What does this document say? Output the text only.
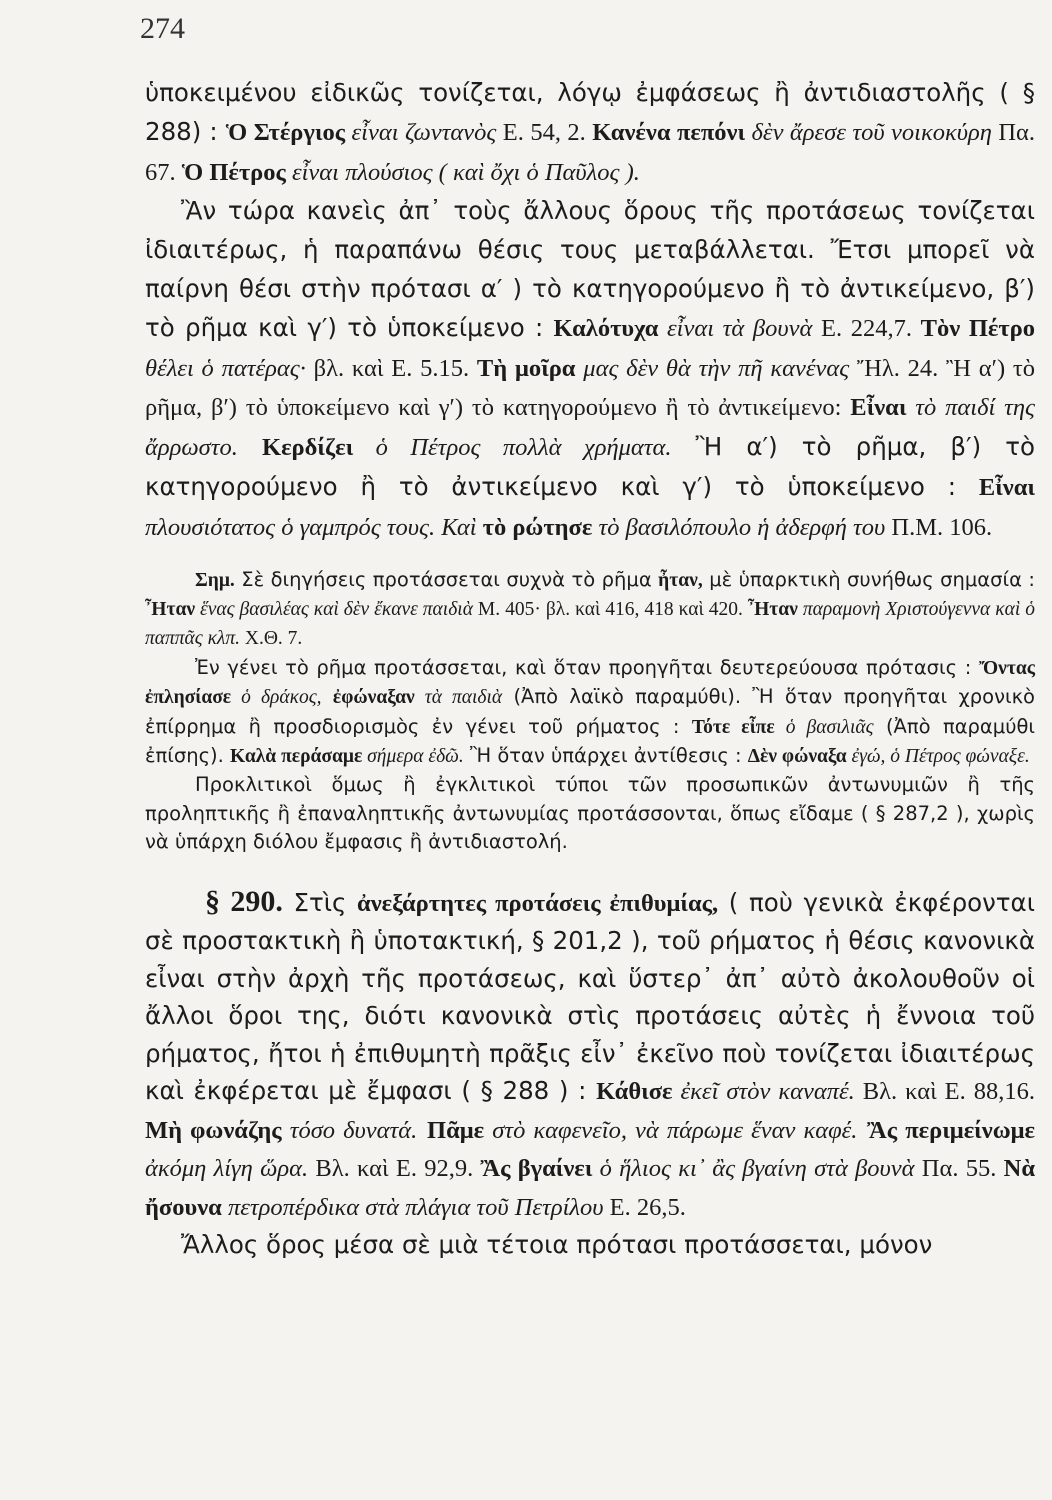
274

ὑποκειμένου εἰδικῶς τονίζεται, λόγῳ ἐμφάσεως ἢ ἀντιδιαστολῆς ( § 288) : Ὁ Στέργιος εἶναι ζωντανὸς Ε. 54, 2. Κανένα πεπόνι δὲν ἄρεσε τοῦ νοικοκύρη Πα. 67. Ὁ Πέτρος εἶναι πλούσιος ( καὶ ὄχι ὁ Παῦλος ).

Ἂν τώρα κανεὶς ἀπ᾽ τοὺς ἄλλους ὅρους τῆς προτάσεως τονίζεται ἰδιαιτέρως, ἡ παραπάνω θέσις τους μεταβάλλεται. Ἔτσι μπορεῖ νὰ παίρνη θέσι στὴν πρότασι α′ ) τὸ κατηγορούμενο ἢ τὸ ἀντικείμενο, β′) τὸ ρῆμα καὶ γ′) τὸ ὑποκείμενο : Καλότυχα εἶναι τὰ βουνὰ Ε. 224,7. Τὸν Πέτρο θέλει ὁ πατέρας· βλ. καὶ Ε. 5.15. Τὴ μοῖρα μας δὲν θὰ τὴν πῆ κανένας Ἤλ. 24. Ἢ α′) τὸ ρῆμα, β′) τὸ ὑποκείμενο καὶ γ′) τὸ κατηγορούμενο ἢ τὸ ἀντικείμενο: Εἶναι τὸ παιδί της ἄρρωστο. Κερδίζει ὁ Πέτρος πολλὰ χρήματα. Ἢ α′) τὸ ρῆμα, β′) τὸ κατηγορούμενο ἢ τὸ ἀντικείμενο καὶ γ′) τὸ ὑποκείμενο : Εἶναι πλουσιότατος ὁ γαμπρός τους. Καὶ τὸ ρώτησε τὸ βασιλόπουλο ἡ ἀδερφή του Π.Μ. 106.

Σημ. Σὲ διηγήσεις προτάσσεται συχνὰ τὸ ρῆμα ἦταν, μὲ ὑπαρκτικὴ συνήθως σημασία : Ἦταν ἕνας βασιλέας καὶ δὲν ἔκανε παιδιὰ Μ. 405· βλ. καὶ 416, 418 καὶ 420. Ἦταν παραμονὴ Χριστούγεννα καὶ ὁ παππᾶς κλπ. Χ.Θ. 7.

Ἐν γένει τὸ ρῆμα προτάσσεται, καὶ ὅταν προηγῆται δευτερεύουσα πρότασις : Ὄντας ἐπλησίασε ὁ δράκος, ἐφώναξαν τὰ παιδιὰ (Ἀπὸ λαϊκὸ παραμύθι). Ἢ ὅταν προηγῆται χρονικὸ ἐπίρρημα ἢ προσδιορισμὸς ἐν γένει τοῦ ρήματος : Τότε εἶπε ὁ βασιλιᾶς (Ἀπὸ παραμύθι ἐπίσης). Καλὰ περάσαμε σήμερα ἐδῶ. Ἢ ὅταν ὑπάρχει ἀντίθεσις : Δὲν φώναξα ἐγώ, ὁ Πέτρος φώναξε.

Προκλιτικοὶ ὅμως ἢ ἐγκλιτικοὶ τύποι τῶν προσωπικῶν ἀντωνυμιῶν ἢ τῆς προληπτικῆς ἢ ἐπαναληπτικῆς ἀντωνυμίας προτάσσονται, ὅπως εἴδαμε ( § 287,2 ), χωρὶς νὰ ὑπάρχη διόλου ἔμφασις ἢ ἀντιδιαστολή.

§ 290. Στὶς ἀνεξάρτητες προτάσεις ἐπιθυμίας, ( ποὺ γενικὰ ἐκφέρονται σὲ προστακτικὴ ἢ ὑποτακτική, § 201,2 ), τοῦ ρήματος ἡ θέσις κανονικὰ εἶναι στὴν ἀρχὴ τῆς προτάσεως, καὶ ὕστερ᾽ ἀπ᾽ αὐτὸ ἀκολουθοῦν οἱ ἄλλοι ὅροι της, διότι κανονικὰ στὶς προτάσεις αὐτὲς ἡ ἔννοια τοῦ ρήματος, ἤτοι ἡ ἐπιθυμητὴ πρᾶξις εἶν᾽ ἐκεῖνο ποὺ τονίζεται ἰδιαιτέρως καὶ ἐκφέρεται μὲ ἔμφασι ( § 288 ) : Κάθισε ἐκεῖ στὸν καναπέ. Βλ. καὶ Ε. 88,16. Μὴ φωνάζης τόσο δυνατά. Πᾶμε στὸ καφενεῖο, νὰ πάρωμε ἕναν καφέ. Ἂς περιμείνωμε ἀκόμη λίγη ὥρα. Βλ. καὶ Ε. 92,9. Ἂς βγαίνει ὁ ἥλιος κι᾽ ἂς βγαίνη στὰ βουνὰ Πα. 55. Νὰ ἤσουνα πετροπέρδικα στὰ πλάγια τοῦ Πετρίλου Ε. 26,5.

Ἄλλος ὅρος μέσα σὲ μιὰ τέτοια πρότασι προτάσσεται, μόνον
